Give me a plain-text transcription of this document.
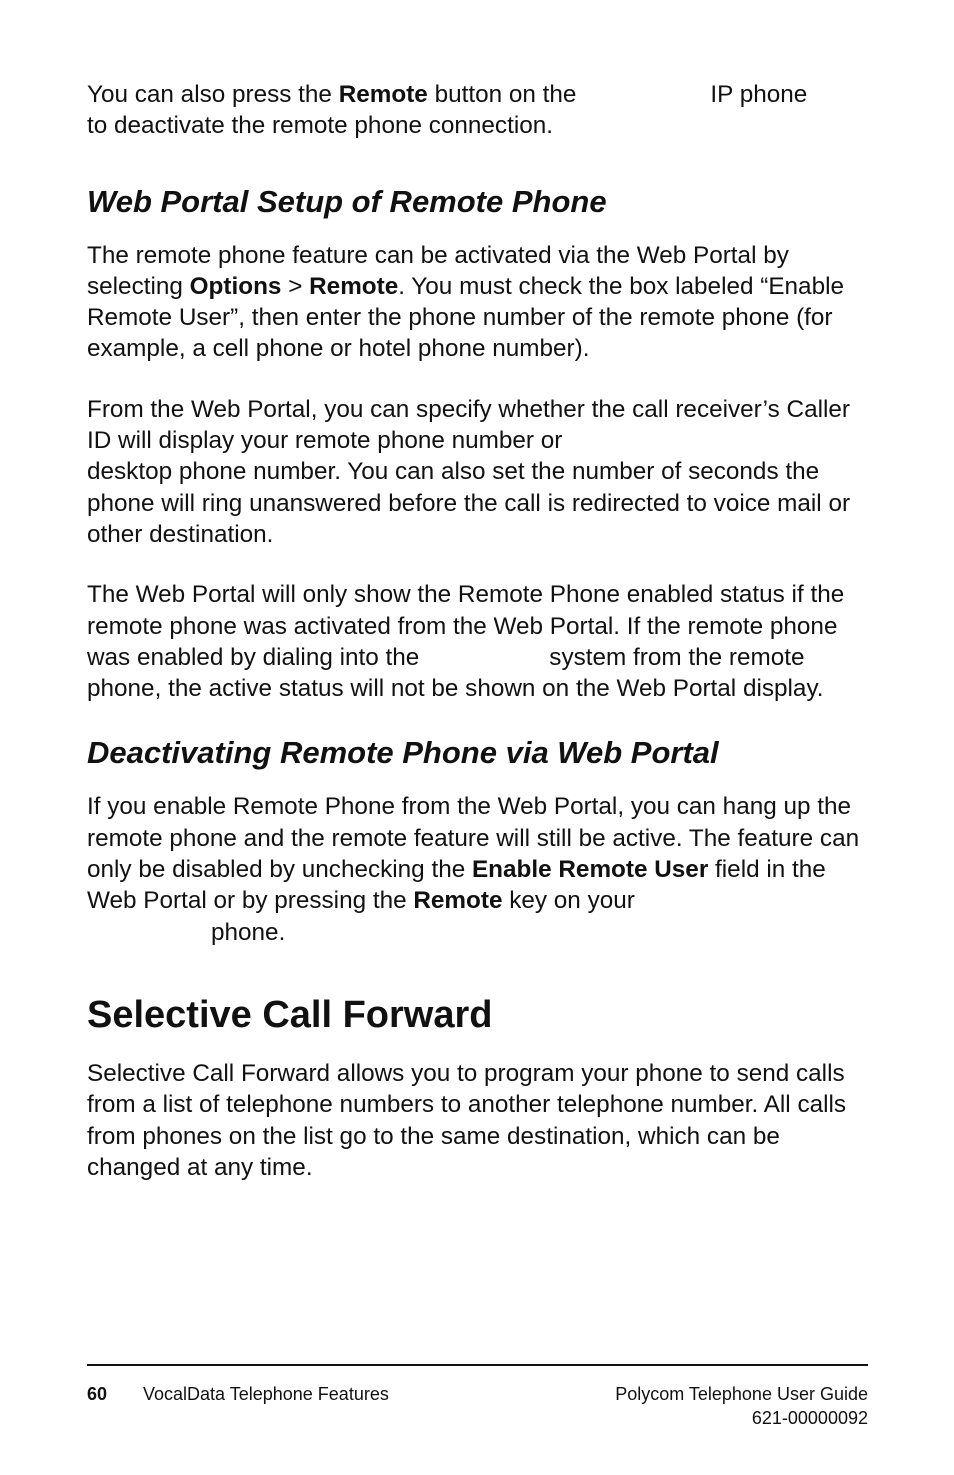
You can also press the Remote button on the	IP phone
to deactivate the remote phone connection.

Web Portal Setup of Remote Phone

The remote phone feature can be activated via the Web Portal by selecting Options > Remote. You must check the box labeled “Enable Remote User”, then enter the phone number of the remote phone (for example, a cell phone or hotel phone number).

From the Web Portal, you can specify whether the call receiver’s Caller ID will display your remote phone number or
desktop phone number. You can also set the number of seconds the phone will ring unanswered before the call is redirected to voice mail or other destination.

The Web Portal will only show the Remote Phone enabled status if the remote phone was activated from the Web Portal. If the remote phone was enabled by dialing into the	system from the remote phone, the active status will not be shown on the Web Portal display.

Deactivating Remote Phone via Web Portal

If you enable Remote Phone from the Web Portal, you can hang up the remote phone and the remote feature will still be active. The feature can only be disabled by unchecking the Enable Remote User field in the Web Portal or by pressing the Remote key on your
phone.

Selective Call Forward

Selective Call Forward allows you to program your phone to send calls from a list of telephone numbers to another telephone number. All calls from phones on the list go to the same destination, which can be changed at any time.

60 VocalData Telephone Features	Polycom Telephone User Guide
621-00000092
